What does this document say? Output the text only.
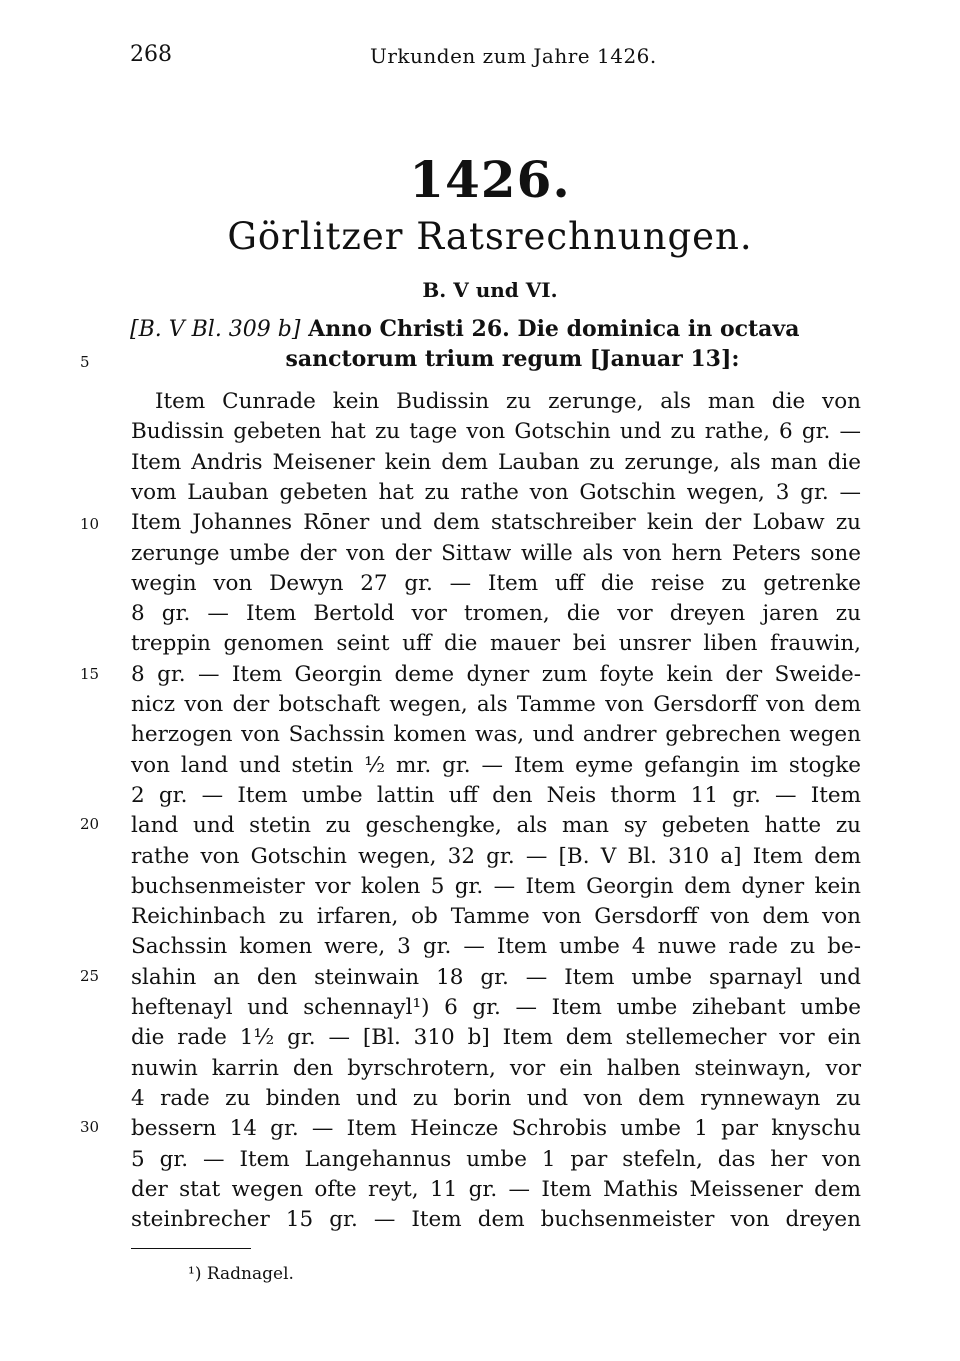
268	Urkunden zum Jahre 1426.
1426.
Görlitzer Ratsrechnungen.
B. V und VI.
[B. V Bl. 309 b] Anno Christi 26. Die dominica in octava
sanctorum trium regum [Januar 13]:
5
10
15
20
25
30
Item Cunrade kein Budissin zu zerunge, als man die von
Budissin gebeten hat zu tage von Gotschin und zu rathe, 6 gr. —
Item Andris Meisener kein dem Lauban zu zerunge, als man die
vom Lauban gebeten hat zu rathe von Gotschin wegen, 3 gr. —
Item Johannes Rōner und dem statschreiber kein der Lobaw zu
zerunge umbe der von der Sittaw wille als von hern Peters sone
wegin von Dewyn 27 gr. — Item uff die reise zu getrenke
8 gr. — Item Bertold vor tromen, die vor dreyen jaren zu
treppin genomen seint uff die mauer bei unsrer liben frauwin,
8 gr. — Item Georgin deme dyner zum foyte kein der Sweide-
nicz von der botschaft wegen, als Tamme von Gersdorff von dem
herzogen von Sachssin komen was, und andrer gebrechen wegen
von land und stetin ½ mr. gr. — Item eyme gefangin im stogke
2 gr. — Item umbe lattin uff den Neis thorm 11 gr. — Item
land und stetin zu geschengke, als man sy gebeten hatte zu
rathe von Gotschin wegen, 32 gr. — [B. V Bl. 310 a] Item dem
buchsenmeister vor kolen 5 gr. — Item Georgin dem dyner kein
Reichinbach zu irfaren, ob Tamme von Gersdorff von dem von
Sachssin komen were, 3 gr. — Item umbe 4 nuwe rade zu be-
slahin an den steinwain 18 gr. — Item umbe sparnayl und
heftenayl und schennayl¹) 6 gr. — Item umbe zihebant umbe
die rade 1½ gr. — [Bl. 310 b] Item dem stellemecher vor ein
nuwin karrin den byrschrotern, vor ein halben steinwayn, vor
4 rade zu binden und zu borin und von dem rynnewayn zu
bessern 14 gr. — Item Heincze Schrobis umbe 1 par knyschu
5 gr. — Item Langehannus umbe 1 par stefeln, das her von
der stat wegen ofte reyt, 11 gr. — Item Mathis Meissener dem
steinbrecher 15 gr. — Item dem buchsenmeister von dreyen
¹) Radnagel.
